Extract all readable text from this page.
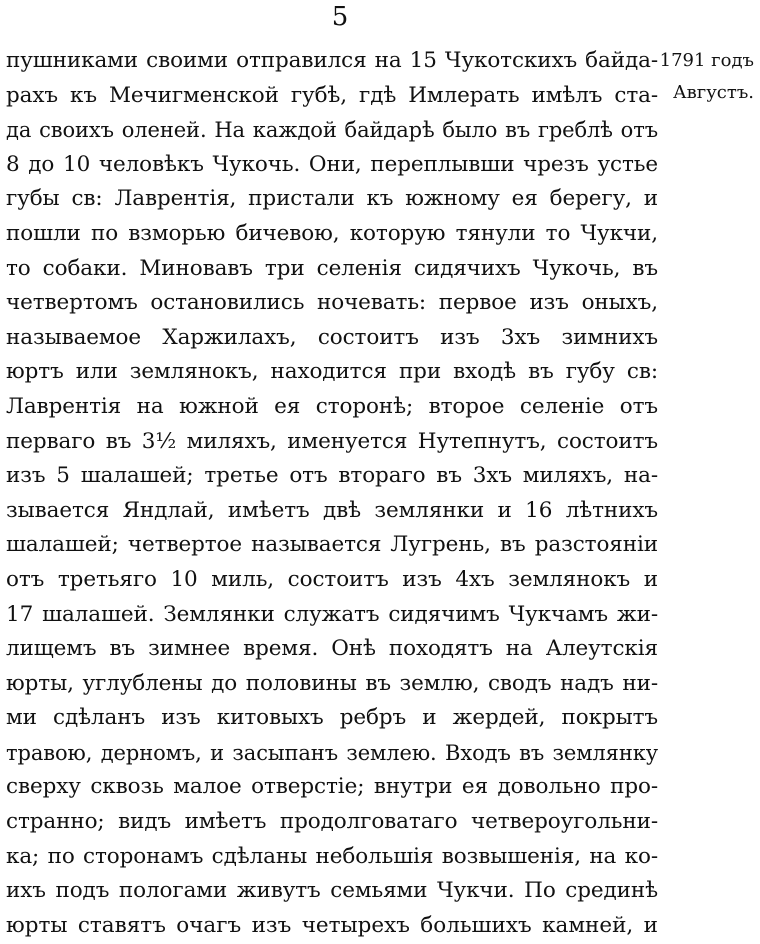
5
1791 годъ
Августъ.
пушниками своими отправился на 15 Чукотскихъ байда-
рахъ къ Мечигменской губѣ, гдѣ Имлерать имѣлъ ста-
да своихъ оленей. На каждой байдарѣ было въ греблѣ отъ
8 до 10 человѣкъ Чукочь. Они, переплывши чрезъ устье
губы св: Лаврентія, пристали къ южному ея берегу, и
пошли по взморью бичевою, которую тянули то Чукчи,
то собаки. Миновавъ три селенія сидячихъ Чукочь, въ
четвертомъ остановились ночевать: первое изъ оныхъ,
называемое Харжилахъ, состоитъ изъ 3хъ зимнихъ
юртъ или землянокъ, находится при входѣ въ губу св:
Лаврентія на южной ея сторонѣ; второе селеніе отъ
перваго въ 3½ миляхъ, именуется Нутепнутъ, состоитъ
изъ 5 шалашей; третье отъ втораго въ 3хъ миляхъ, на-
зывается Яндлай, имѣетъ двѣ землянки и 16 лѣтнихъ
шалашей; четвертое называется Лугрень, въ разстояніи
отъ третьяго 10 миль, состоитъ изъ 4хъ землянокъ и
17 шалашей. Землянки служатъ сидячимъ Чукчамъ жи-
лищемъ въ зимнее время. Онѣ походятъ на Алеутскія
юрты, углублены до половины въ землю, сводъ надъ ни-
ми сдѣланъ изъ китовыхъ ребръ и жердей, покрытъ
травою, дерномъ, и засыпанъ землею. Входъ въ землянку
сверху сквозь малое отверстіе; внутри ея довольно про-
странно; видъ имѣетъ продолговатаго четвероугольни-
ка; по сторонамъ сдѣланы небольшія возвышенія, на ко-
ихъ подъ пологами живутъ семьями Чукчи. По срединѣ
юрты ставятъ очагъ изъ четырехъ большихъ камней, и
